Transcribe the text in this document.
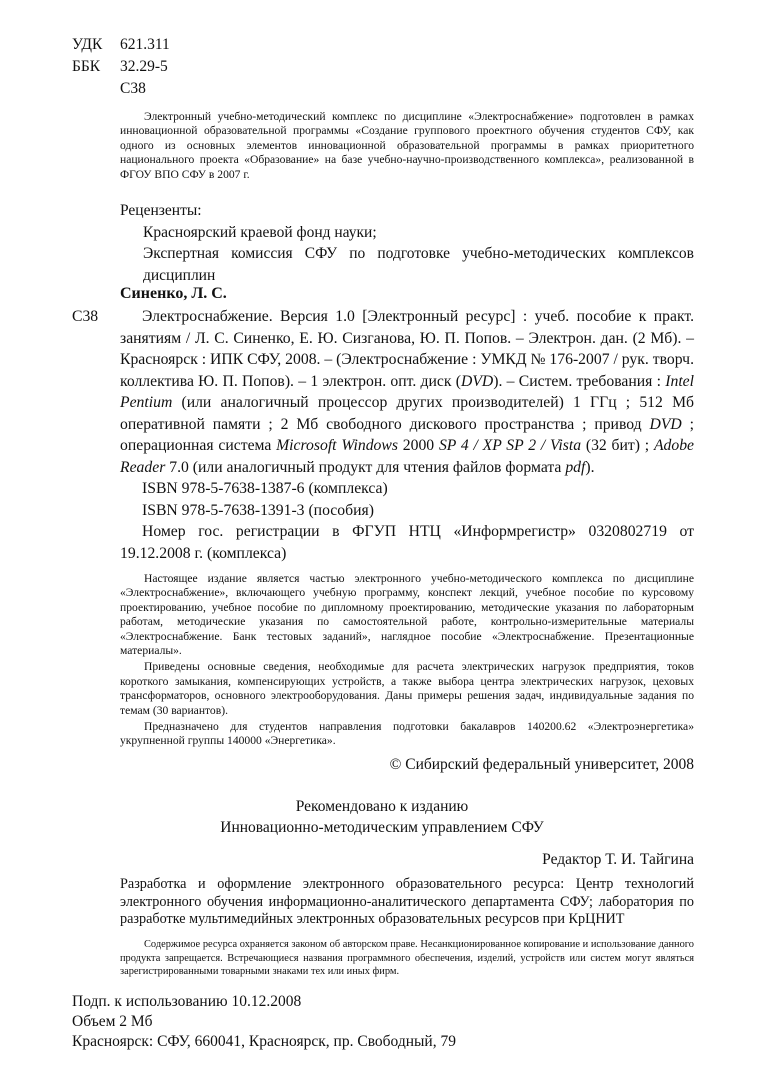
УДК	621.311
ББК	32.29-5
С38

Электронный учебно-методический комплекс по дисциплине «Электроснабжение» подготовлен в рамках инновационной образовательной программы «Создание группового проектного обучения студентов СФУ, как одного из основных элементов инновационной образовательной программы в рамках приоритетного национального проекта «Образование» на базе учебно-научно-производственного комплекса», реализованной в ФГОУ ВПО СФУ в 2007 г.

Рецензенты:
Красноярский краевой фонд науки;
Экспертная комиссия СФУ по подготовке учебно-методических комплексов дисциплин
Синенко, Л. С.
С38	Электроснабжение. Версия 1.0 [Электронный ресурс] : учеб. пособие к практ. занятиям / Л. С. Синенко, Е. Ю. Сизганова, Ю. П. Попов. – Электрон. дан. (2 Мб). – Красноярск : ИПК СФУ, 2008. – (Электроснабжение : УМКД № 176-2007 / рук. творч. коллектива Ю. П. Попов). – 1 электрон. опт. диск (DVD). – Систем. требования : Intel Pentium (или аналогичный процессор других производителей) 1 ГГц ; 512 Мб оперативной памяти ; 2 Мб свободного дискового пространства ; привод DVD ; операционная система Microsoft Windows 2000 SP 4 / XP SP 2 / Vista (32 бит) ; Adobe Reader 7.0 (или аналогичный продукт для чтения файлов формата pdf).
ISBN 978-5-7638-1387-6 (комплекса)
ISBN 978-5-7638-1391-3 (пособия)
Номер гос. регистрации в ФГУП НТЦ «Информрегистр» 0320802719 от 19.12.2008 г. (комплекса)

Настоящее издание является частью электронного учебно-методического комплекса по дисциплине «Электроснабжение», включающего учебную программу, конспект лекций, учебное пособие по курсовому проектированию, учебное пособие по дипломному проектированию, методические указания по лабораторным работам, методические указания по самостоятельной работе, контрольно-измерительные материалы «Электроснабжение. Банк тестовых заданий», наглядное пособие «Электроснабжение. Презентационные материалы».

Приведены основные сведения, необходимые для расчета электрических нагрузок предприятия, токов короткого замыкания, компенсирующих устройств, а также выбора центра электрических нагрузок, цеховых трансформаторов, основного электрооборудования. Даны примеры решения задач, индивидуальные задания по темам (30 вариантов).

Предназначено для студентов направления подготовки бакалавров 140200.62 «Электроэнергетика» укрупненной группы 140000 «Энергетика».

© Сибирский федеральный университет, 2008
Рекомендовано к изданию
Инновационно-методическим управлением СФУ
Редактор Т. И. Тайгина
Разработка и оформление электронного образовательного ресурса: Центр технологий электронного обучения информационно-аналитического департамента СФУ; лаборатория по разработке мультимедийных электронных образовательных ресурсов при КрЦНИТ
Содержимое ресурса охраняется законом об авторском праве. Несанкционированное копирование и использование данного продукта запрещается. Встречающиеся названия программного обеспечения, изделий, устройств или систем могут являться зарегистрированными товарными знаками тех или иных фирм.
Подп. к использованию 10.12.2008
Объем 2 Мб
Красноярск: СФУ, 660041, Красноярск, пр. Свободный, 79
